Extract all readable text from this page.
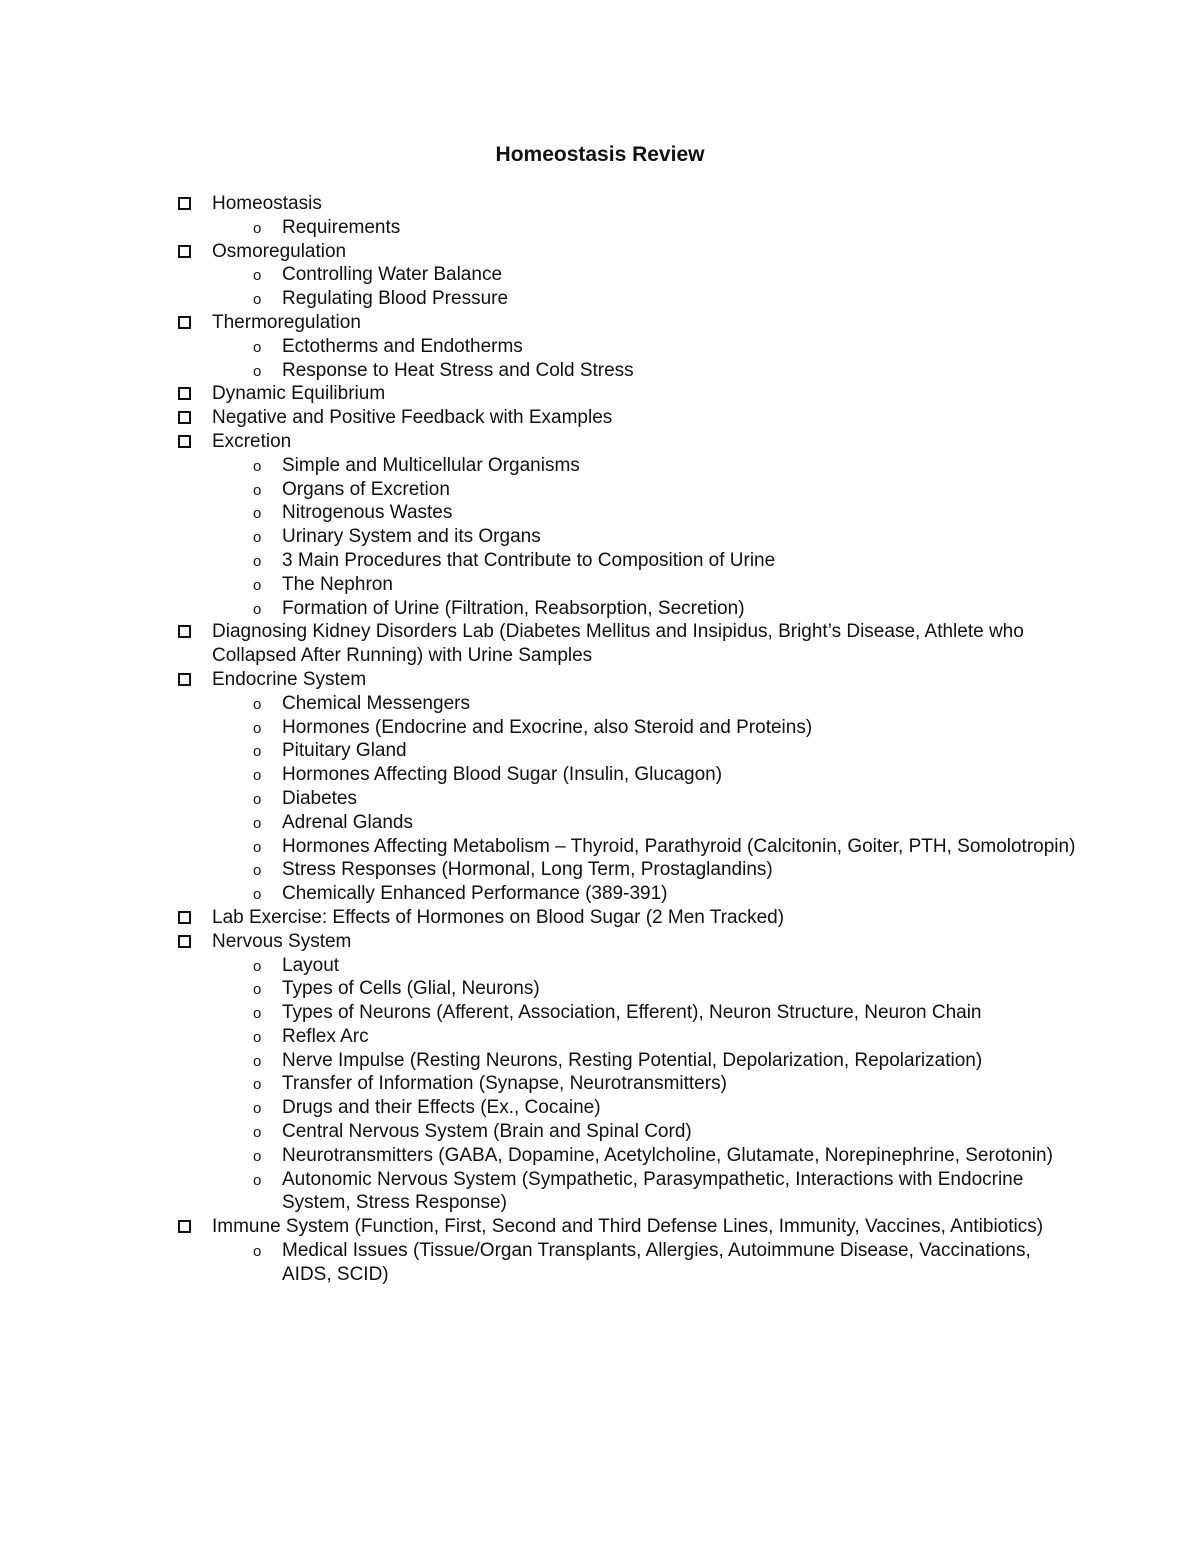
Homeostasis Review
Homeostasis
o Requirements
Osmoregulation
o Controlling Water Balance
o Regulating Blood Pressure
Thermoregulation
o Ectotherms and Endotherms
o Response to Heat Stress and Cold Stress
Dynamic Equilibrium
Negative and Positive Feedback with Examples
Excretion
o Simple and Multicellular Organisms
o Organs of Excretion
o Nitrogenous Wastes
o Urinary System and its Organs
o 3 Main Procedures that Contribute to Composition of Urine
o The Nephron
o Formation of Urine (Filtration, Reabsorption, Secretion)
Diagnosing Kidney Disorders Lab (Diabetes Mellitus and Insipidus, Bright’s Disease, Athlete who Collapsed After Running) with Urine Samples
Endocrine System
o Chemical Messengers
o Hormones (Endocrine and Exocrine, also Steroid and Proteins)
o Pituitary Gland
o Hormones Affecting Blood Sugar (Insulin, Glucagon)
o Diabetes
o Adrenal Glands
o Hormones Affecting Metabolism – Thyroid, Parathyroid (Calcitonin, Goiter, PTH, Somolotropin)
o Stress Responses (Hormonal, Long Term, Prostaglandins)
o Chemically Enhanced Performance (389-391)
Lab Exercise: Effects of Hormones on Blood Sugar (2 Men Tracked)
Nervous System
o Layout
o Types of Cells (Glial, Neurons)
o Types of Neurons (Afferent, Association, Efferent), Neuron Structure, Neuron Chain
o Reflex Arc
o Nerve Impulse (Resting Neurons, Resting Potential, Depolarization, Repolarization)
o Transfer of Information (Synapse, Neurotransmitters)
o Drugs and their Effects (Ex., Cocaine)
o Central Nervous System (Brain and Spinal Cord)
o Neurotransmitters (GABA, Dopamine, Acetylcholine, Glutamate, Norepinephrine, Serotonin)
o Autonomic Nervous System (Sympathetic, Parasympathetic, Interactions with Endocrine System, Stress Response)
Immune System (Function, First, Second and Third Defense Lines, Immunity, Vaccines, Antibiotics)
o Medical Issues (Tissue/Organ Transplants, Allergies, Autoimmune Disease, Vaccinations, AIDS, SCID)
